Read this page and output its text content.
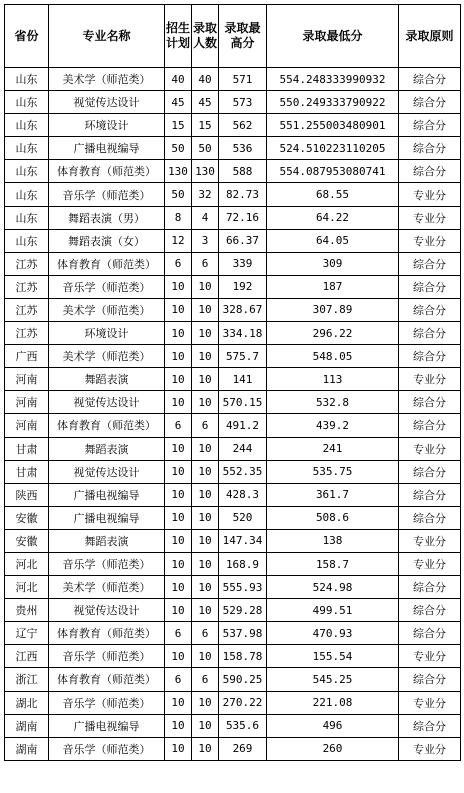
省份	专业名称	招生计划	录取人数	录取最高分	录取最低分	录取原则
山东	美术学（师范类）	40	40	571	554.248333990932	综合分
山东	视觉传达设计	45	45	573	550.249333790922	综合分
山东	环境设计	15	15	562	551.255003480901	综合分
山东	广播电视编导	50	50	536	524.510223110205	综合分
山东	体育教育（师范类）	130	130	588	554.087953080741	综合分
山东	音乐学（师范类）	50	32	82.73	68.55	专业分
山东	舞蹈表演（男）	8	4	72.16	64.22	专业分
山东	舞蹈表演（女）	12	3	66.37	64.05	专业分
江苏	体育教育（师范类）	6	6	339	309	综合分
江苏	音乐学（师范类）	10	10	192	187	综合分
江苏	美术学（师范类）	10	10	328.67	307.89	综合分
江苏	环境设计	10	10	334.18	296.22	综合分
广西	美术学（师范类）	10	10	575.7	548.05	综合分
河南	舞蹈表演	10	10	141	113	专业分
河南	视觉传达设计	10	10	570.15	532.8	综合分
河南	体育教育（师范类）	6	6	491.2	439.2	综合分
甘肃	舞蹈表演	10	10	244	241	专业分
甘肃	视觉传达设计	10	10	552.35	535.75	综合分
陕西	广播电视编导	10	10	428.3	361.7	综合分
安徽	广播电视编导	10	10	520	508.6	综合分
安徽	舞蹈表演	10	10	147.34	138	专业分
河北	音乐学（师范类）	10	10	168.9	158.7	专业分
河北	美术学（师范类）	10	10	555.93	524.98	综合分
贵州	视觉传达设计	10	10	529.28	499.51	综合分
辽宁	体育教育（师范类）	6	6	537.98	470.93	综合分
江西	音乐学（师范类）	10	10	158.78	155.54	专业分
浙江	体育教育（师范类）	6	6	590.25	545.25	综合分
湖北	音乐学（师范类）	10	10	270.22	221.08	专业分
湖南	广播电视编导	10	10	535.6	496	综合分
湖南	音乐学（师范类）	10	10	269	260	专业分
